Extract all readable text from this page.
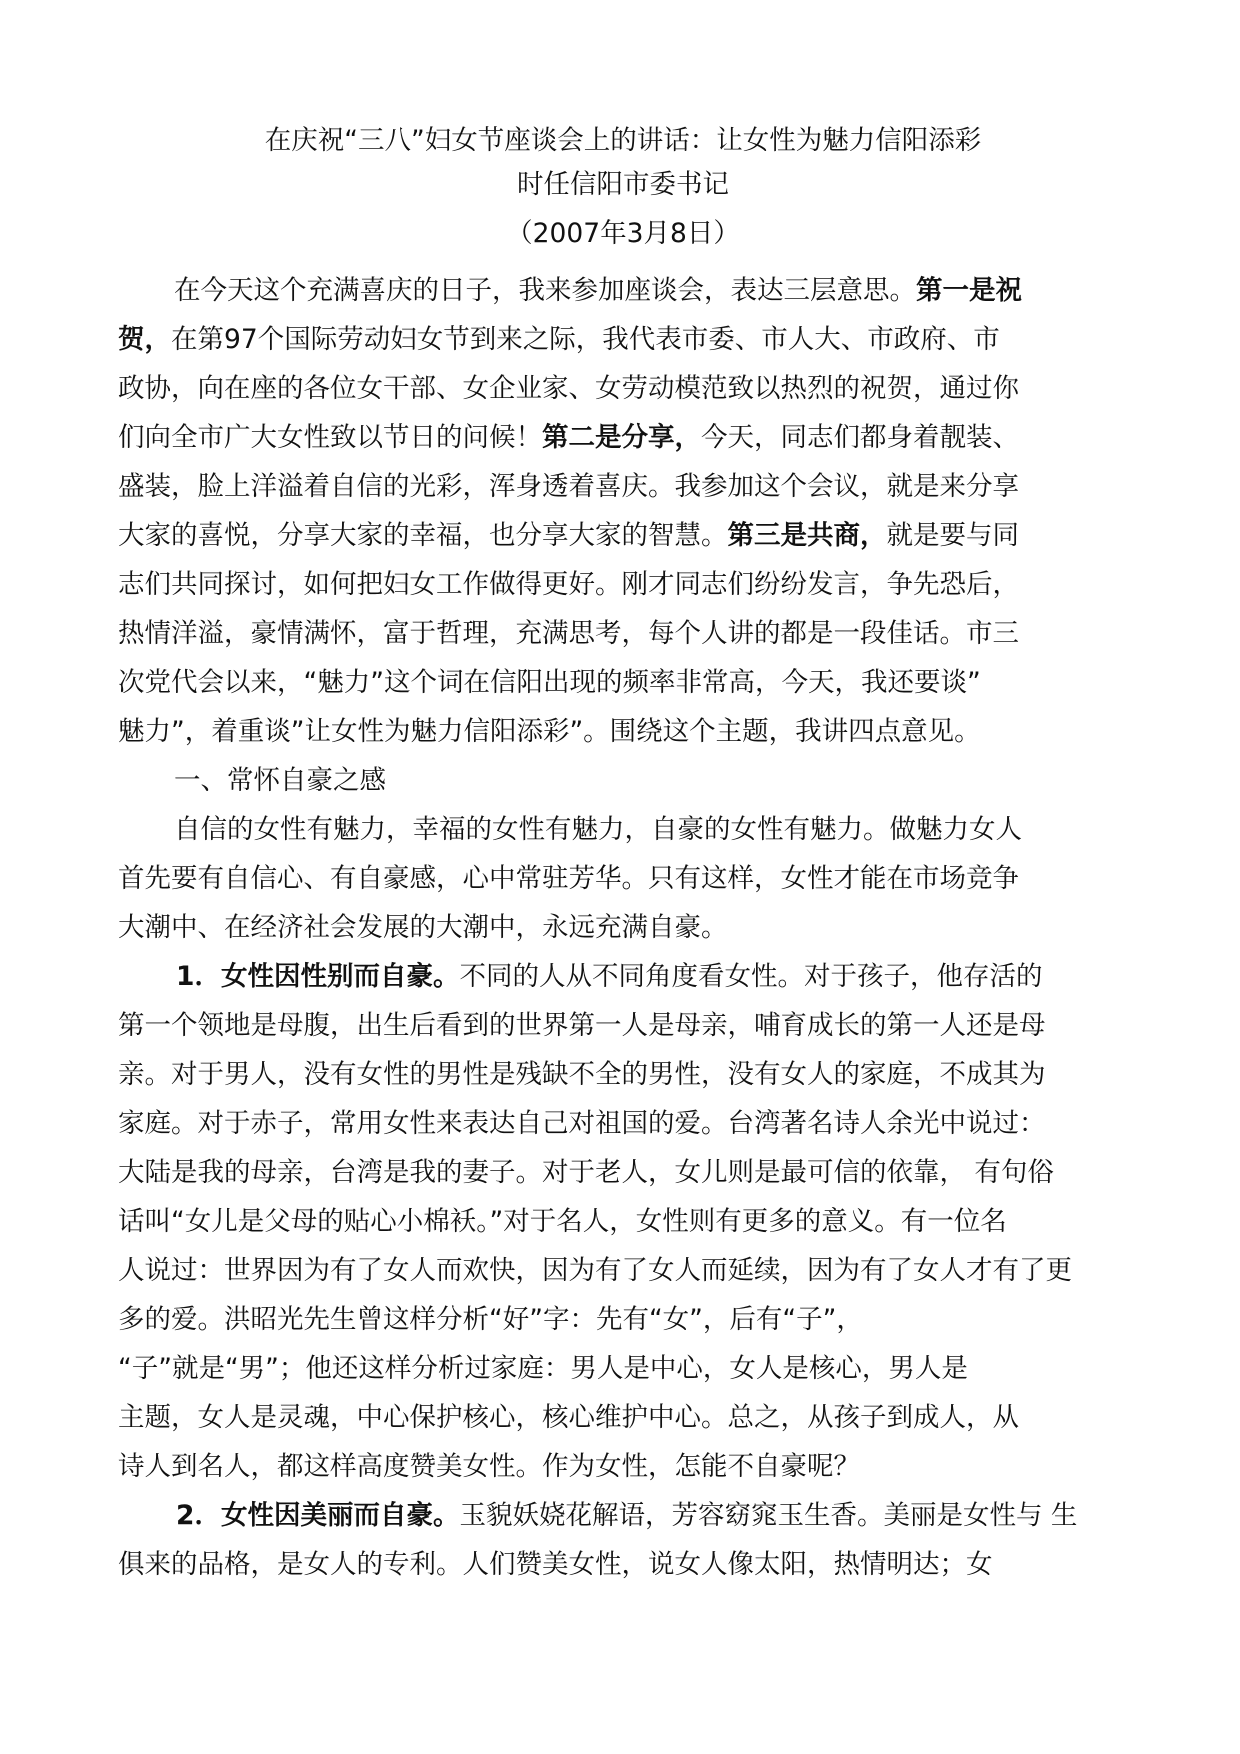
在庆祝“三八”妇女节座谈会上的讲话：让女性为魅力信阳添彩
时任信阳市委书记
（2007年3月8日）
在今天这个充满喜庆的日子，我来参加座谈会，表达三层意思。第一是祝
贺，在第97个国际劳动妇女节到来之际，我代表市委、市人大、市政府、市
政协，向在座的各位女干部、女企业家、女劳动模范致以热烈的祝贺，通过你
们向全市广大女性致以节日的问候！第二是分享，今天，同志们都身着靓装、
盛装，脸上洋溢着自信的光彩，浑身透着喜庆。我参加这个会议，就是来分享
大家的喜悦，分享大家的幸福，也分享大家的智慧。第三是共商，就是要与同
志们共同探讨，如何把妇女工作做得更好。刚才同志们纷纷发言，争先恐后，
热情洋溢，豪情满怀，富于哲理，充满思考，每个人讲的都是一段佳话。市三
次党代会以来，“魅力”这个词在信阳出现的频率非常高，今天，我还要谈”
魅力”，着重谈”让女性为魅力信阳添彩”。围绕这个主题，我讲四点意见。
一、常怀自豪之感
自信的女性有魅力，幸福的女性有魅力，自豪的女性有魅力。做魅力女人
首先要有自信心、有自豪感，心中常驻芳华。只有这样，女性才能在市场竞争
大潮中、在经济社会发展的大潮中，永远充满自豪。
1．女性因性别而自豪。不同的人从不同角度看女性。对于孩子，他存活的
第一个领地是母腹，出生后看到的世界第一人是母亲，哺育成长的第一人还是母
亲。对于男人，没有女性的男性是残缺不全的男性，没有女人的家庭，不成其为
家庭。对于赤子，常用女性来表达自己对祖国的爱。台湾著名诗人余光中说过：
大陆是我的母亲，台湾是我的妻子。对于老人，女儿则是最可信的依靠， 有句俗
话叫“女儿是父母的贴心小棉袄。”对于名人，女性则有更多的意义。有一位名
人说过：世界因为有了女人而欢快，因为有了女人而延续，因为有了女人才有了更
多的爱。洪昭光先生曾这样分析“好”字：先有“女”，后有“子”，
“子”就是“男”；他还这样分析过家庭：男人是中心，女人是核心，男人是
主题，女人是灵魂，中心保护核心，核心维护中心。总之，从孩子到成人，从
诗人到名人，都这样高度赞美女性。作为女性，怎能不自豪呢？
2．女性因美丽而自豪。玉貌妖娆花解语，芳容窈窕玉生香。美丽是女性与 生
俱来的品格，是女人的专利。人们赞美女性，说女人像太阳，热情明达；女
